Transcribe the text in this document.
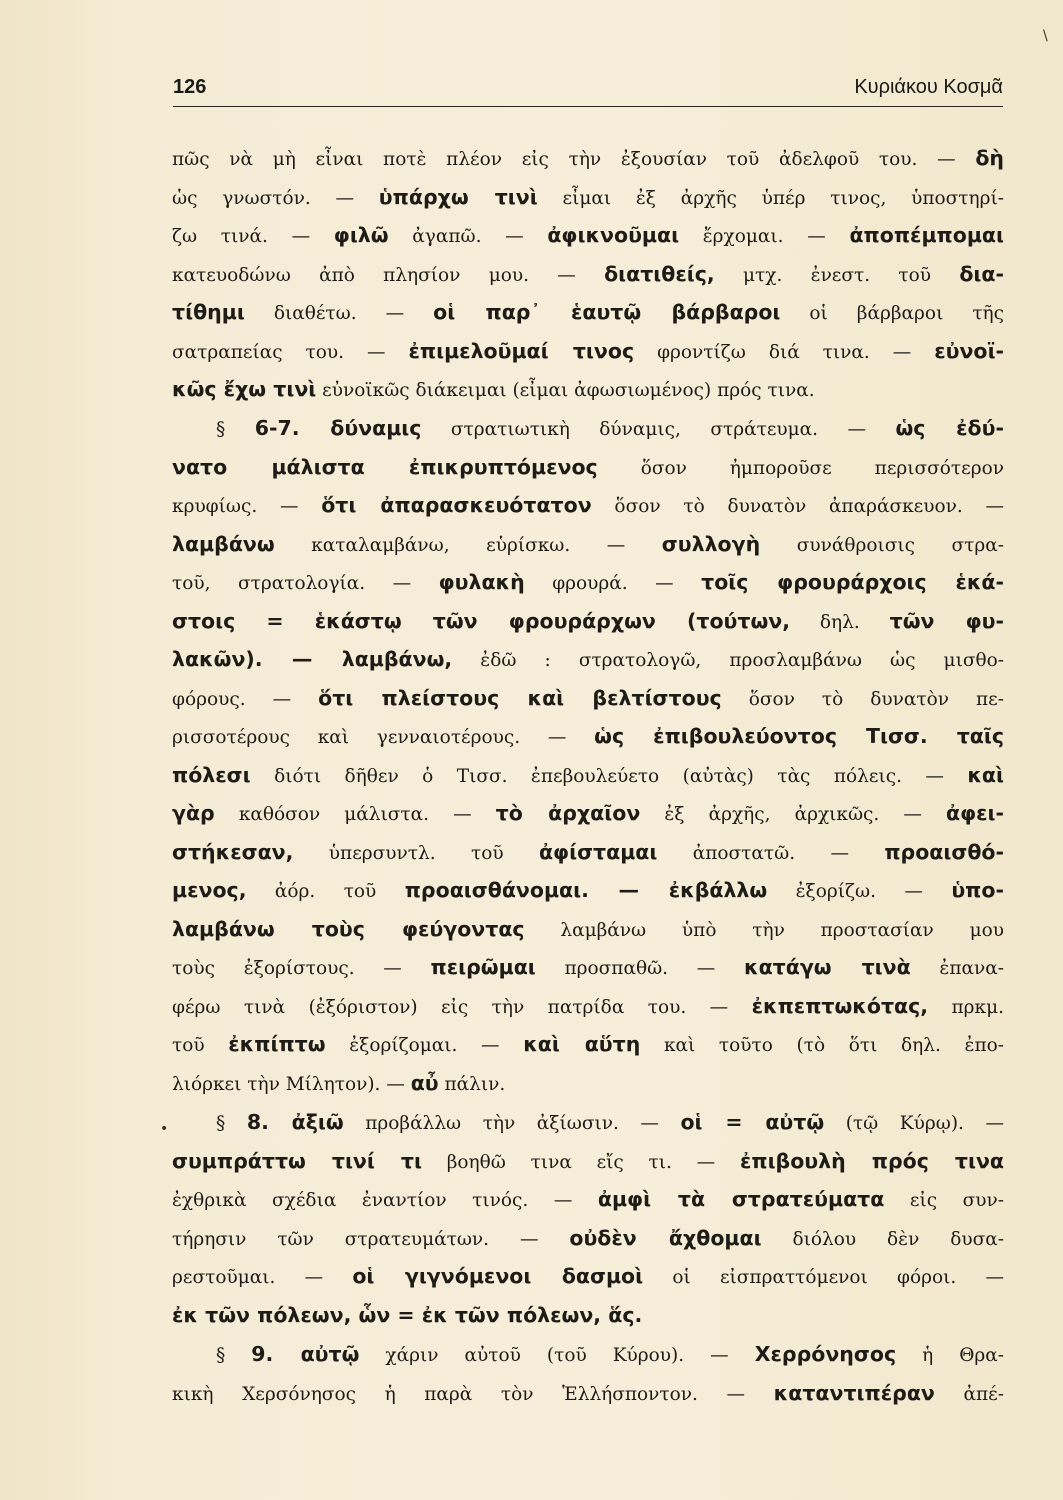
126	Κυριάκου Κοσμᾶ
πῶς νὰ μὴ εἶναι ποτὲ πλέον εἰς τὴν ἐξουσίαν τοῦ ἀδελφοῦ του. — δὴ
ὡς γνωστόν. — ὑπάρχω τινὶ εἶμαι ἐξ ἀρχῆς ὑπέρ τινος, ὑποστηρί-
ζω τινά. — φιλῶ ἀγαπῶ. — ἀφικνοῦμαι ἔρχομαι. — ἀποπέμπομαι
κατευοδώνω ἀπὸ πλησίον μου. — διατιθείς, μτχ. ἐνεστ. τοῦ δια-
τίθημι διαθέτω. — οἱ παρ᾽ ἑαυτῷ βάρβαροι οἱ βάρβαροι τῆς
σατραπείας του. — ἐπιμελοῦμαί τινος φροντίζω διά τινα. — εὐνοϊ-
κῶς ἔχω τινὶ εὐνοϊκῶς διάκειμαι (εἶμαι ἀφωσιωμένος) πρός τινα.
§ 6-7. δύναμις στρατιωτικὴ δύναμις, στράτευμα. — ὡς ἐδύ-
νατο μάλιστα ἐπικρυπτόμενος ὅσον ἠμποροῦσε περισσότερον
κρυφίως. — ὅτι ἀπαρασκευότατον ὅσον τὸ δυνατὸν ἀπαράσκευον. —
λαμβάνω καταλαμβάνω, εὑρίσκω. — συλλογὴ συνάθροισις στρα-
τοῦ, στρατολογία. — φυλακὴ φρουρά. — τοῖς φρουράρχοις ἑκά-
στοις = ἑκάστῳ τῶν φρουράρχων (τούτων, δηλ. τῶν φυ-
λακῶν). — λαμβάνω, ἐδῶ : στρατολογῶ, προσλαμβάνω ὡς μισθο-
φόρους. — ὅτι πλείστους καὶ βελτίστους ὅσον τὸ δυνατὸν πε-
ρισσοτέρους καὶ γενναιοτέρους. — ὡς ἐπιβουλεύοντος Τισσ. ταῖς
πόλεσι διότι δῆθεν ὁ Τισσ. ἐπεβουλεύετο (αὐτὰς) τὰς πόλεις. — καὶ
γὰρ καθόσον μάλιστα. — τὸ ἀρχαῖον ἐξ ἀρχῆς, ἀρχικῶς. — ἀφει-
στήκεσαν, ὑπερσυντλ. τοῦ ἀφίσταμαι ἀποστατῶ. — προαισθό-
μενος, ἀόρ. τοῦ προαισθάνομαι. — ἐκβάλλω ἐξορίζω. — ὑπο-
λαμβάνω τοὺς φεύγοντας λαμβάνω ὑπὸ τὴν προστασίαν μου
τοὺς ἐξορίστους. — πειρῶμαι προσπαθῶ. — κατάγω τινὰ ἐπανα-
φέρω τινὰ (ἐξόριστον) εἰς τὴν πατρίδα του. — ἐκπεπτωκότας, πρκμ.
τοῦ ἐκπίπτω ἐξορίζομαι. — καὶ αὕτη καὶ τοῦτο (τὸ ὅτι δηλ. ἐπο-
λιόρκει τὴν Μίλητον). — αὖ πάλιν.
§ 8. ἀξιῶ προβάλλω τὴν ἀξίωσιν. — οἱ = αὐτῷ (τῷ Κύρῳ). —
συμπράττω τινί τι βοηθῶ τινα εἴς τι. — ἐπιβουλὴ πρός τινα
ἐχθρικὰ σχέδια ἐναντίον τινός. — ἀμφὶ τὰ στρατεύματα εἰς συν-
τήρησιν τῶν στρατευμάτων. — οὐδὲν ἄχθομαι διόλου δὲν δυσα-
ρεστοῦμαι. — οἱ γιγνόμενοι δασμοὶ οἱ εἰσπραττόμενοι φόροι. —
ἐκ τῶν πόλεων, ὧν = ἐκ τῶν πόλεων, ἅς.
§ 9. αὐτῷ χάριν αὐτοῦ (τοῦ Κύρου). — Χερρόνησος ἡ Θρα-
κικὴ Χερσόνησος ἡ παρὰ τὸν Ἑλλήσποντον. — καταντιπέραν ἀπέ-
•
\
